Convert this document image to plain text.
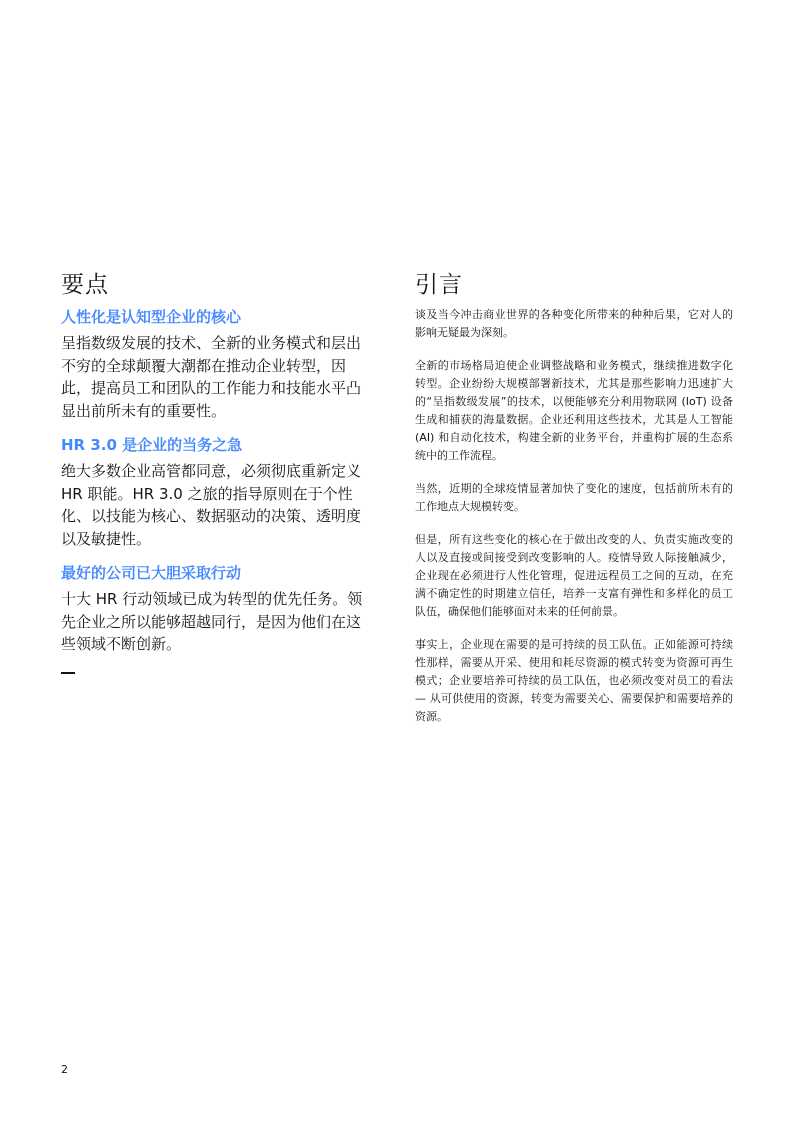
要点
人性化是认知型企业的核心

呈指数级发展的技术、全新的业务模式和层出不穷的全球颠覆大潮都在推动企业转型，因此，提高员工和团队的工作能力和技能水平凸显出前所未有的重要性。

HR 3.0 是企业的当务之急

绝大多数企业高管都同意，必须彻底重新定义 HR 职能。HR 3.0 之旅的指导原则在于个性化、以技能为核心、数据驱动的决策、透明度以及敏捷性。

最好的公司已大胆采取行动

十大 HR 行动领域已成为转型的优先任务。领先企业之所以能够超越同行，是因为他们在这些领域不断创新。

引言

谈及当今冲击商业世界的各种变化所带来的种种后果，它对人的影响无疑最为深刻。

全新的市场格局迫使企业调整战略和业务模式，继续推进数字化转型。企业纷纷大规模部署新技术，尤其是那些影响力迅速扩大的“呈指数级发展”的技术，以便能够充分利用物联网 (IoT) 设备生成和捕获的海量数据。企业还利用这些技术，尤其是人工智能 (AI) 和自动化技术，构建全新的业务平台，并重构扩展的生态系统中的工作流程。

当然，近期的全球疫情显著加快了变化的速度，包括前所未有的工作地点大规模转变。

但是，所有这些变化的核心在于做出改变的人、负责实施改变的人以及直接或间接受到改变影响的人。疫情导致人际接触减少，企业现在必须进行人性化管理，促进远程员工之间的互动，在充满不确定性的时期建立信任，培养一支富有弹性和多样化的员工队伍，确保他们能够面对未来的任何前景。

事实上，企业现在需要的是可持续的员工队伍。正如能源可持续性那样，需要从开采、使用和耗尽资源的模式转变为资源可再生模式；企业要培养可持续的员工队伍，也必须改变对员工的看法 — 从可供使用的资源，转变为需要关心、需要保护和需要培养的资源。

2
